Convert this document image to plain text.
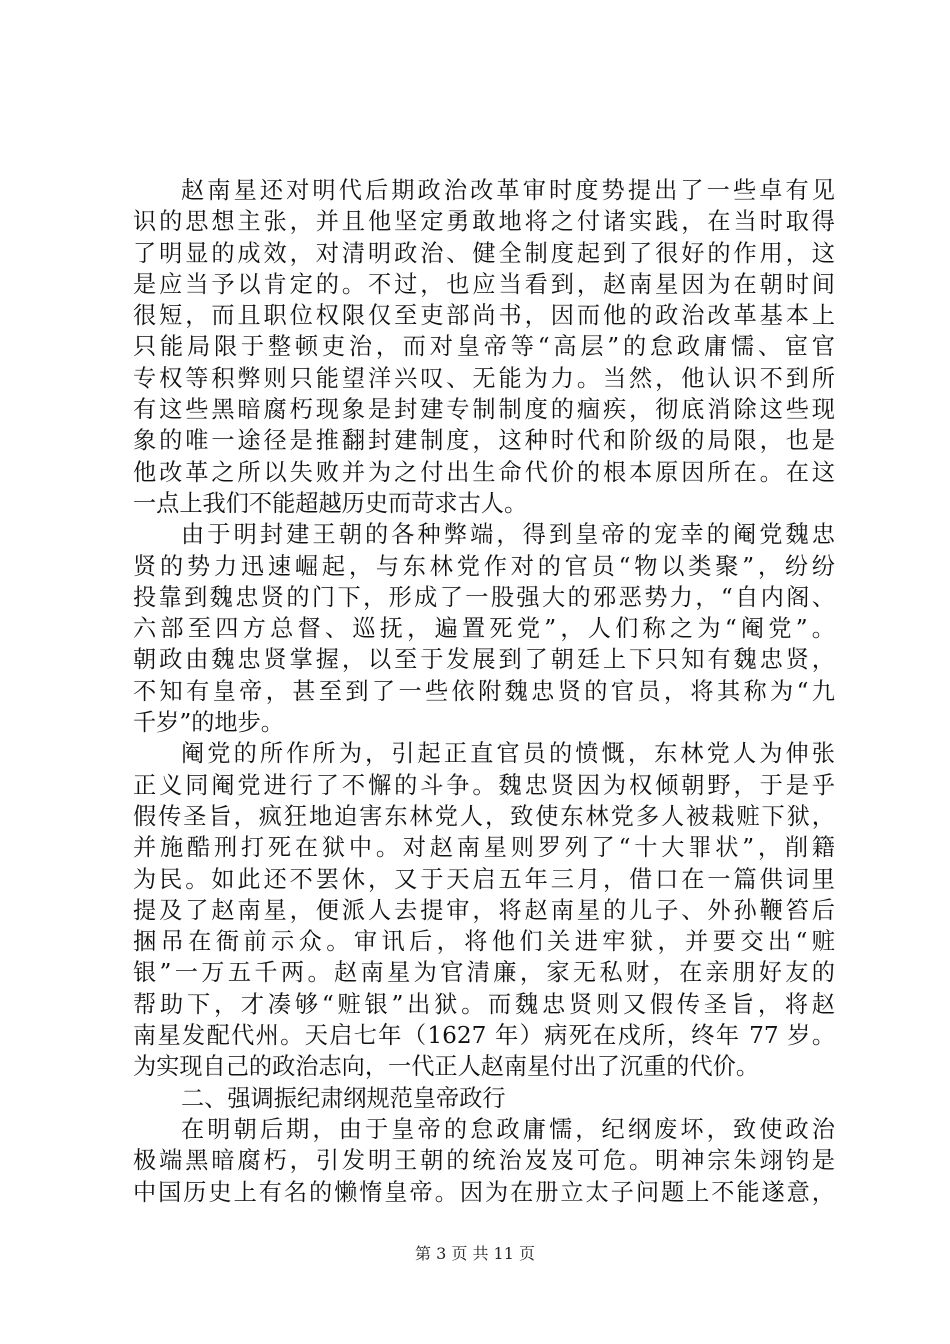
赵南星还对明代后期政治改革审时度势提出了一些卓有见
识的思想主张，并且他坚定勇敢地将之付诸实践，在当时取得
了明显的成效，对清明政治、健全制度起到了很好的作用，这
是应当予以肯定的。不过，也应当看到，赵南星因为在朝时间
很短，而且职位权限仅至吏部尚书，因而他的政治改革基本上
只能局限于整顿吏治，而对皇帝等“高层”的怠政庸懦、宦官
专权等积弊则只能望洋兴叹、无能为力。当然，他认识不到所
有这些黑暗腐朽现象是封建专制制度的痼疾，彻底消除这些现
象的唯一途径是推翻封建制度，这种时代和阶级的局限，也是
他改革之所以失败并为之付出生命代价的根本原因所在。在这
一点上我们不能超越历史而苛求古人。
由于明封建王朝的各种弊端，得到皇帝的宠幸的阉党魏忠
贤的势力迅速崛起，与东林党作对的官员“物以类聚”，纷纷
投靠到魏忠贤的门下，形成了一股强大的邪恶势力，“自内阁、
六部至四方总督、巡抚，遍置死党”，人们称之为“阉党”。
朝政由魏忠贤掌握，以至于发展到了朝廷上下只知有魏忠贤，
不知有皇帝，甚至到了一些依附魏忠贤的官员，将其称为“九
千岁”的地步。
阉党的所作所为，引起正直官员的愤慨，东林党人为伸张
正义同阉党进行了不懈的斗争。魏忠贤因为权倾朝野，于是乎
假传圣旨，疯狂地迫害东林党人，致使东林党多人被栽赃下狱，
并施酷刑打死在狱中。对赵南星则罗列了“十大罪状”，削籍
为民。如此还不罢休，又于天启五年三月，借口在一篇供词里
提及了赵南星，便派人去提审，将赵南星的儿子、外孙鞭笞后
捆吊在衙前示众。审讯后，将他们关进牢狱，并要交出“赃
银”一万五千两。赵南星为官清廉，家无私财，在亲朋好友的
帮助下，才凑够“赃银”出狱。而魏忠贤则又假传圣旨，将赵
南星发配代州。天启七年（1627 年）病死在戍所，终年 77 岁。
为实现自己的政治志向，一代正人赵南星付出了沉重的代价。
二、强调振纪肃纲规范皇帝政行
在明朝后期，由于皇帝的怠政庸懦，纪纲废坏，致使政治
极端黑暗腐朽，引发明王朝的统治岌岌可危。明神宗朱翊钧是
中国历史上有名的懒惰皇帝。因为在册立太子问题上不能遂意，
第 3 页 共 11 页
